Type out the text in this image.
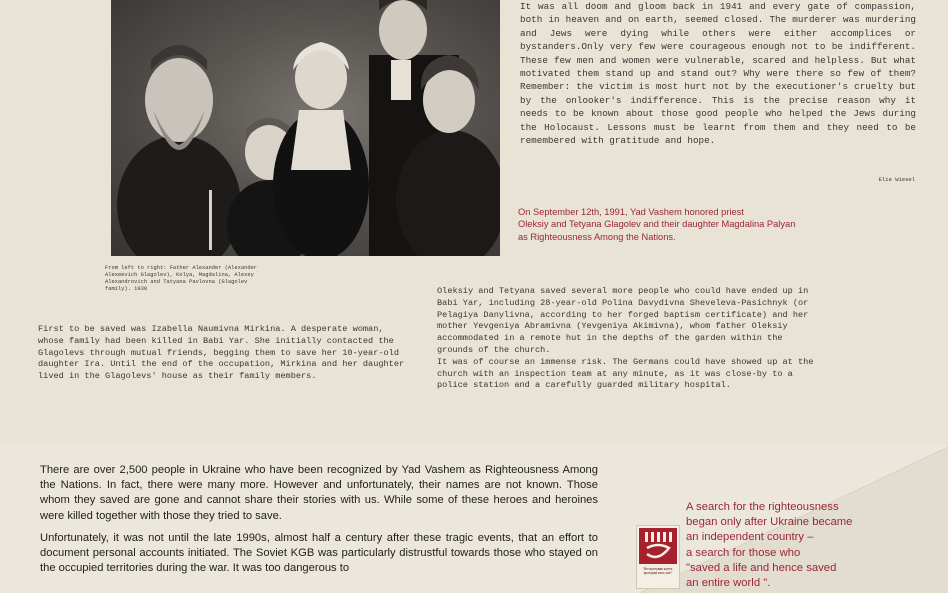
From left to right: Father Alexander (Alexander Alexeevich Glagolev), Kolya, Magdalina, Alexey Alexandrovich and Tatyana Pavlovna (Glagolev family). 1930
It was all doom and gloom back in 1941 and every gate of compassion, both in heaven and on earth, seemed closed. The murderer was murdering and Jews were dying while others were either accomplices or bystanders.Only very few were courageous enough not to be indifferent. These few men and women were vulnerable, scared and helpless. But what motivated them stand up and stand out? Why were there so few of them? Remember: the victim is most hurt not by the executioner's cruelty but by the onlooker's indifference. This is the precise reason why it needs to be known about those good people who helped the Jews during the Holocaust. Lessons must be learnt from them and they need to be remembered with gratitude and hope.
Elie Wiesel
On September 12th, 1991, Yad Vashem honored priest
Oleksiy and Tetyana Glagolev and their daughter Magdalina Palyan
as Righteousness Among the Nations.
First to be saved was Izabella Naumivna Mirkina. A desperate woman, whose family had been killed in Babi Yar. She initially contacted the Glagolevs through mutual friends, begging them to save her 10-year-old daughter Ira. Until the end of the occupation, Mirkina and her daughter lived in the Glagolevs' house as their family members.

Oleksiy and Tetyana saved several more people who could have ended up in Babi Yar, including 28-year-old Polina Davydivna Sheveleva-Pasichnyk (or Pelagiya Danylivna, according to her forged baptism certificate) and her mother Yevgeniya Abramivna (Yevgeniya Akimivna), whom father Oleksiy accommodated in a remote hut in the depths of the garden within the grounds of the church.

It was of course an immense risk. The Germans could have showed up at the church with an inspection team at any minute, as it was close-by to a police station and a carefully guarded military hospital.

There are over 2,500 people in Ukraine who have been recognized by Yad Vashem as Righteousness Among the Nations. In fact, there were many more. However and unfortunately, their names are not known. Those whom they saved are gone and cannot share their stories with us. While some of these heroes and heroines were killed together with those they tried to save.

Unfortunately, it was not until the late 1990s, almost half a century after these tragic events, that an effort to document personal accounts initiated. The Soviet KGB was particularly distrustful towards those who stayed on the occupied territories during the war. It was too dangerous to	"Він врятував життя, врятував весь світ"
A search for the righteousness
began only after Ukraine became
an independent country –
a search for those who
"saved a life and hence saved
an entire world ".
